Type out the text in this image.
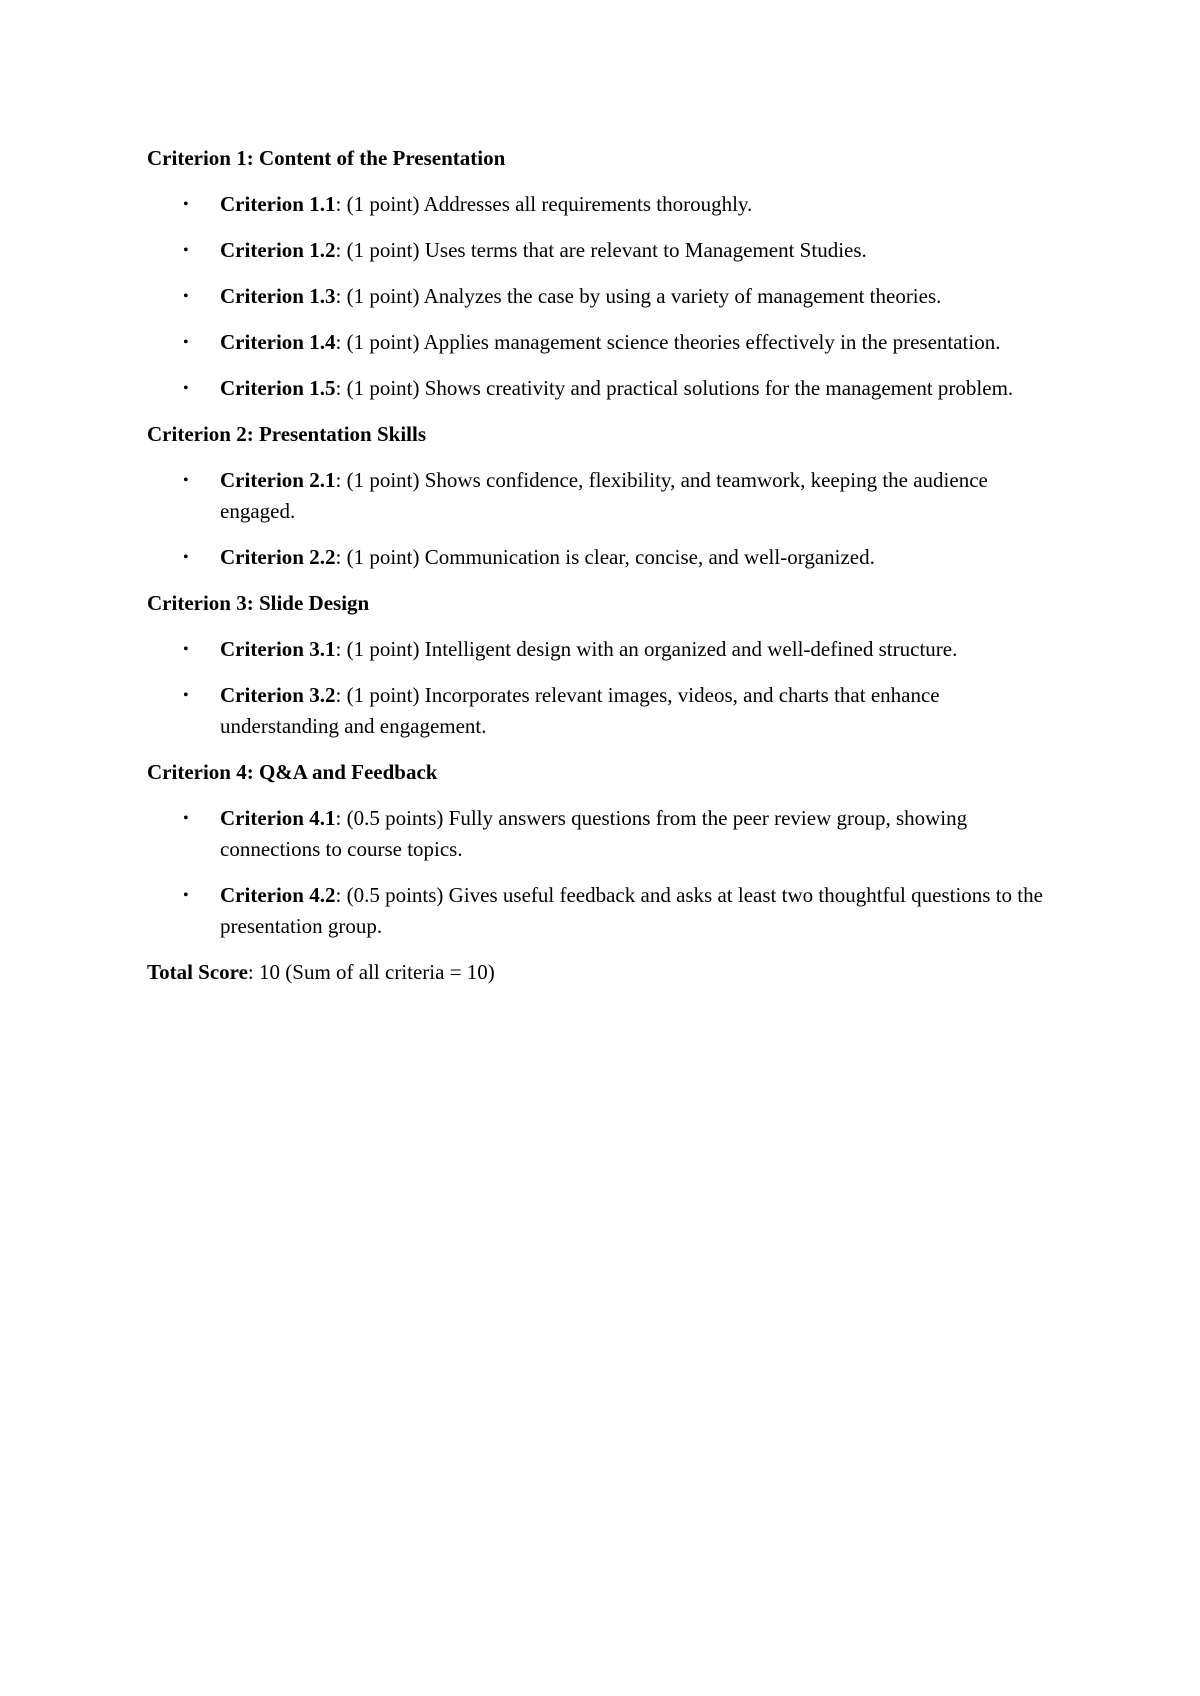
Criterion 1: Content of the Presentation

• Criterion 1.1: (1 point) Addresses all requirements thoroughly.
• Criterion 1.2: (1 point) Uses terms that are relevant to Management Studies.
• Criterion 1.3: (1 point) Analyzes the case by using a variety of management theories.
• Criterion 1.4: (1 point) Applies management science theories effectively in the presentation.
• Criterion 1.5: (1 point) Shows creativity and practical solutions for the management problem.

Criterion 2: Presentation Skills

• Criterion 2.1: (1 point) Shows confidence, flexibility, and teamwork, keeping the audience engaged.
• Criterion 2.2: (1 point) Communication is clear, concise, and well-organized.

Criterion 3: Slide Design

• Criterion 3.1: (1 point) Intelligent design with an organized and well-defined structure.
• Criterion 3.2: (1 point) Incorporates relevant images, videos, and charts that enhance understanding and engagement.

Criterion 4: Q&A and Feedback

• Criterion 4.1: (0.5 points) Fully answers questions from the peer review group, showing connections to course topics.
• Criterion 4.2: (0.5 points) Gives useful feedback and asks at least two thoughtful questions to the presentation group.

Total Score: 10 (Sum of all criteria = 10)
